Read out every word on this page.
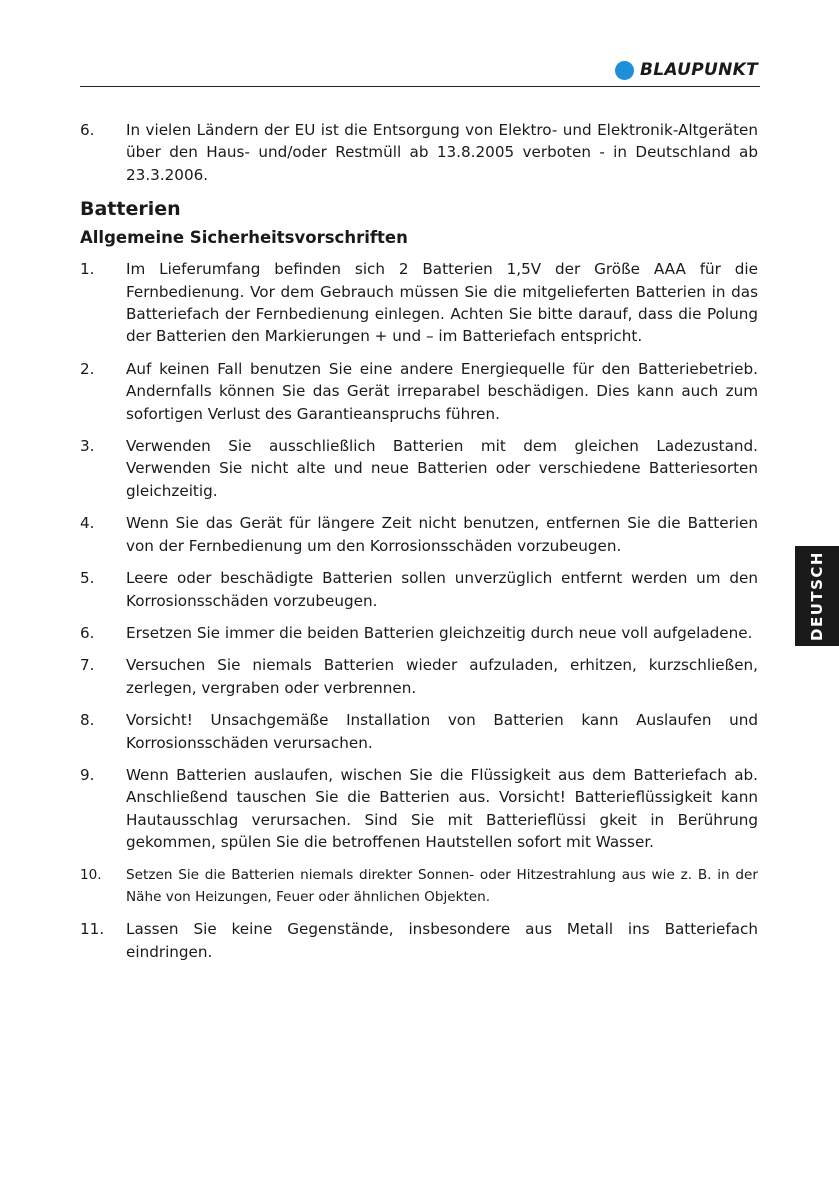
BLAUPUNKT
6.	In vielen Ländern der EU ist die Entsorgung von Elektro- und Elektronik-Altgeräten über den Haus- und/oder Restmüll ab 13.8.2005 verboten - in Deutschland ab 23.3.2006.
Batterien
Allgemeine Sicherheitsvorschriften
1.	Im Lieferumfang befinden sich 2 Batterien 1,5V der Größe AAA für die Fernbedienung. Vor dem Gebrauch müssen Sie die mitgelieferten Batterien in das Batteriefach der Fernbedienung einlegen. Achten Sie bitte darauf, dass die Polung der Batterien den Markierungen + und – im Batteriefach entspricht.
2.	Auf keinen Fall benutzen Sie eine andere Energiequelle für den Batteriebetrieb. Andernfalls können Sie das Gerät irreparabel beschädigen. Dies kann auch zum sofortigen Verlust des Garantieanspruchs führen.
3.	Verwenden Sie ausschließlich Batterien mit dem gleichen Ladezustand. Verwenden Sie nicht alte und neue Batterien oder verschiedene Batteriesorten gleichzeitig.
4.	Wenn Sie das Gerät für längere Zeit nicht benutzen, entfernen Sie die Batterien von der Fernbedienung um den Korrosionsschäden vorzubeugen.
5.	Leere oder beschädigte Batterien sollen unverzüglich entfernt werden um den Korrosionsschäden vorzubeugen.
6.	Ersetzen Sie immer die beiden Batterien gleichzeitig durch neue voll aufgeladene.
7.	Versuchen Sie niemals Batterien wieder aufzuladen, erhitzen, kurzschließen, zerlegen, vergraben oder verbrennen.
8.	Vorsicht! Unsachgemäße Installation von Batterien kann Auslaufen und Korrosionsschäden verursachen.
9.	Wenn Batterien auslaufen, wischen Sie die Flüssigkeit aus dem Batteriefach ab. Anschließend tauschen Sie die Batterien aus. Vorsicht! Batterieflüssigkeit kann Hautausschlag verursachen. Sind Sie mit Batterieflüssi gkeit in Berührung gekommen, spülen Sie die betroffenen Hautstellen sofort mit Wasser.
10.	Setzen Sie die Batterien niemals direkter Sonnen- oder Hitzestrahlung aus wie z. B. in der Nähe von Heizungen, Feuer oder ähnlichen Objekten.
11.	Lassen Sie keine Gegenstände, insbesondere aus Metall ins Batteriefach eindringen.
DEUTSCH
